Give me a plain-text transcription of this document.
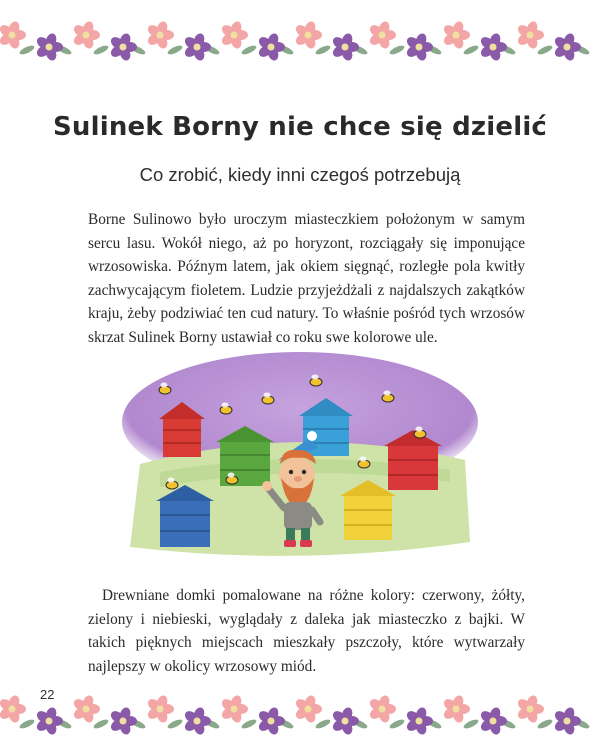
Sulinek Borny nie chce się dzielić
Co zrobić, kiedy inni czegoś potrzebują

Borne Sulinowo było uroczym miasteczkiem położonym w samym sercu lasu. Wokół niego, aż po horyzont, rozciągały się imponujące wrzosowiska. Późnym latem, jak okiem sięgnąć, rozległe pola kwitły zachwycającym fioletem. Ludzie przyjeżdżali z najdalszych zakątków kraju, żeby podziwiać ten cud natury. To właśnie pośród tych wrzosów skrzat Sulinek Borny ustawiał co roku swe kolorowe ule.

Drewniane domki pomalowane na różne kolory: czerwony, żółty, zielony i niebieski, wyglądały z daleka jak miasteczko z bajki. W takich pięknych miejscach mieszkały pszczoły, które wytwarzały najlepszy w okolicy wrzosowy miód.

22
